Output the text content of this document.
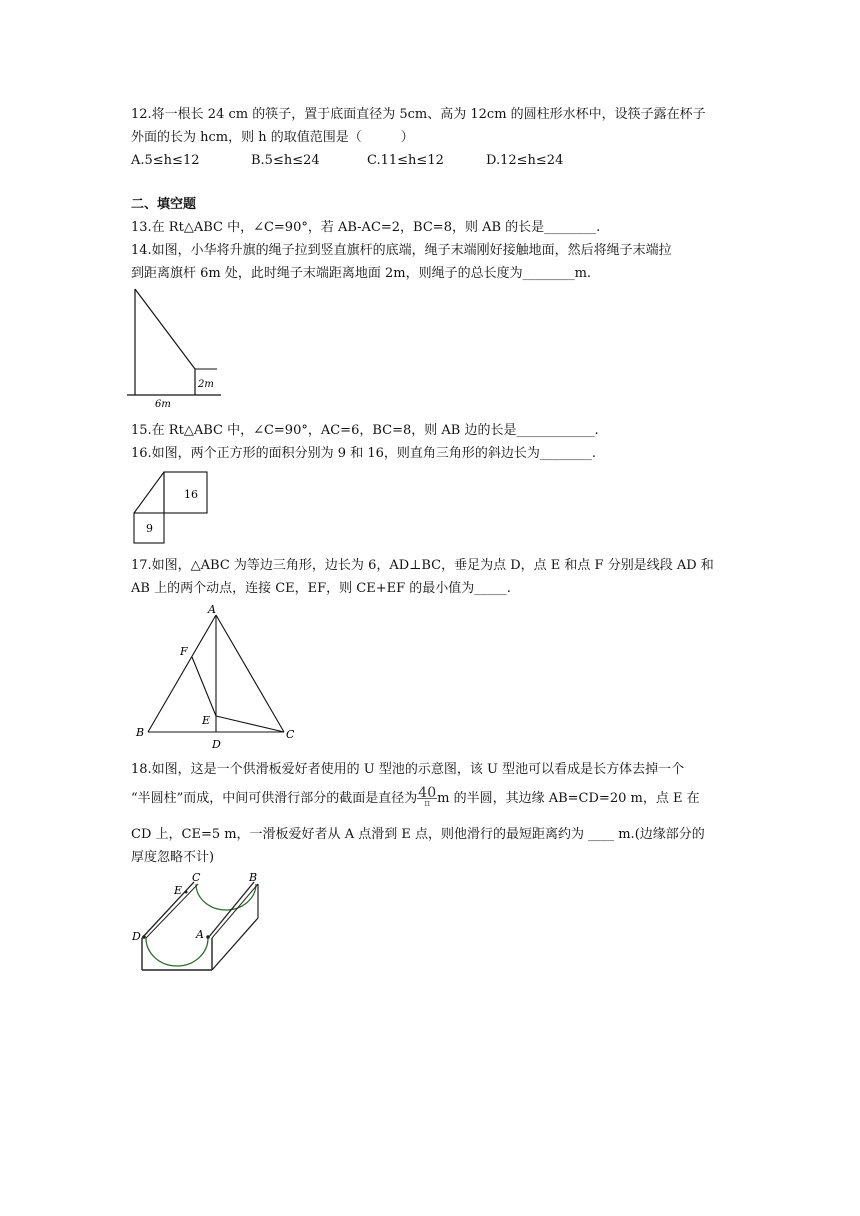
12.将一根长 24 cm 的筷子，置于底面直径为 5cm、高为 12cm 的圆柱形水杯中，设筷子露在杯子
外面的长为 hcm，则 h 的取值范围是（　　　）
A.5≤h≤12	B.5≤h≤24	C.11≤h≤12	D.12≤h≤24
二、填空题
13.在 Rt△ABC 中，∠C=90°，若 AB-AC=2，BC=8，则 AB 的长是________.
14.如图，小华将升旗的绳子拉到竖直旗杆的底端，绳子末端刚好接触地面，然后将绳子末端拉
到距离旗杆 6m 处，此时绳子末端距离地面 2m，则绳子的总长度为________m.
2m
6m
15.在 Rt△ABC 中，∠C=90°，AC=6，BC=8，则 AB 边的长是____________.
16.如图，两个正方形的面积分别为 9 和 16，则直角三角形的斜边长为________.
16
9
17.如图，△ABC 为等边三角形，边长为 6，AD⊥BC，垂足为点 D，点 E 和点 F 分别是线段 AD 和
AB 上的两个动点，连接 CE，EF，则 CE+EF 的最小值为_____.
A
B	C
D
E
F
18.如图，这是一个供滑板爱好者使用的 U 型池的示意图，该 U 型池可以看成是长方体去掉一个
“半圆柱”而成，中间可供滑行部分的截面是直径为 $\frac{40}{\pi}$ m 的半圆，其边缘 AB=CD=20 m，点 E 在
CD 上，CE=5 m，一滑板爱好者从 A 点滑到 E 点，则他滑行的最短距离约为 ____ m.(边缘部分的
厚度忽略不计)
C	B
E
D	A
